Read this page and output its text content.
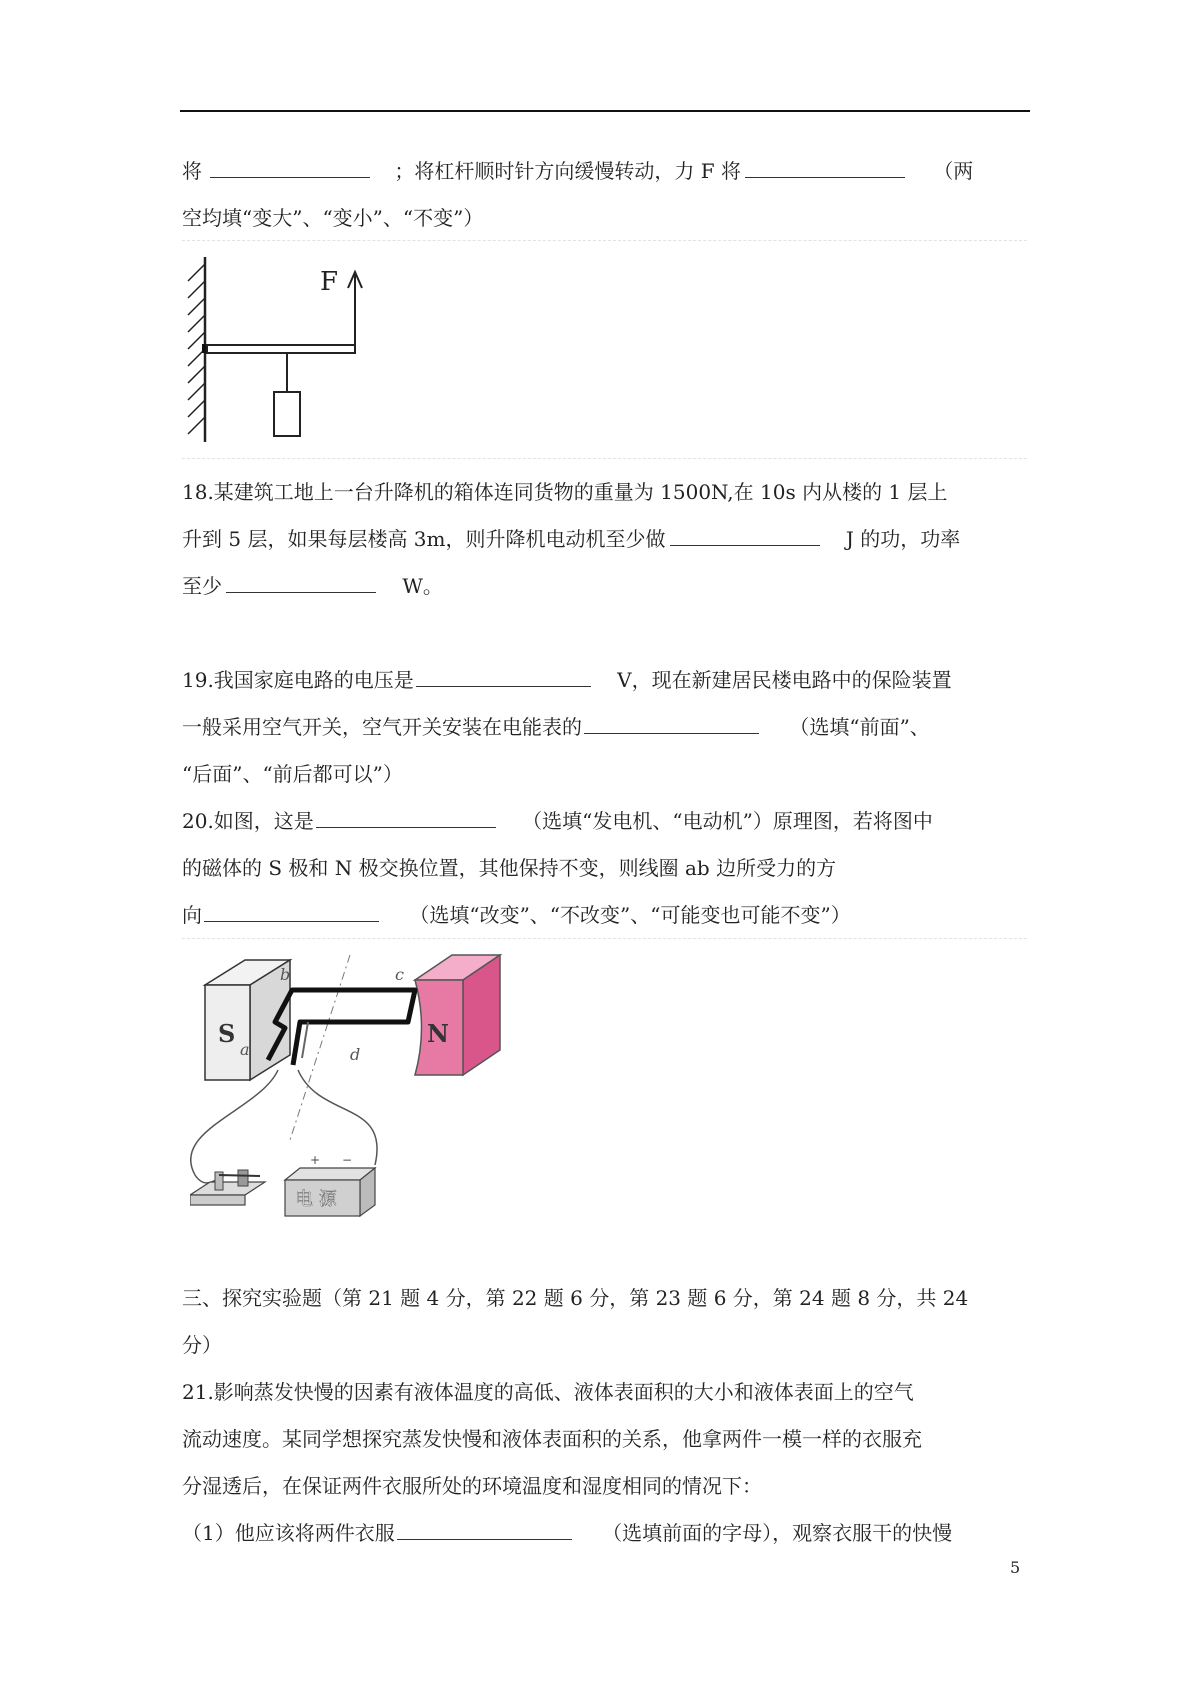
将	；将杠杆顺时针方向缓慢转动，力 F 将	（两
空均填“变大”、“变小”、“不变”）
F
18.某建筑工地上一台升降机的箱体连同货物的重量为 1500N,在 10s 内从楼的 1 层上
升到 5 层，如果每层楼高 3m，则升降机电动机至少做	J 的功，功率
至少	W。
19.我国家庭电路的电压是	V，现在新建居民楼电路中的保险装置
一般采用空气开关，空气开关安装在电能表的	（选填“前面”、
“后面”、“前后都可以”）
20.如图，这是	（选填“发电机、“电动机”）原理图，若将图中
的磁体的 S 极和 N 极交换位置，其他保持不变，则线圈 ab 边所受力的方
向	（选填“改变”、“不改变”、“可能变也可能不变”）
S	N
a
b	c
d
电 源
+ −
三、探究实验题（第 21 题 4 分，第 22 题 6 分，第 23 题 6 分，第 24 题 8 分，共 24
分）
21.影响蒸发快慢的因素有液体温度的高低、液体表面积的大小和液体表面上的空气
流动速度。某同学想探究蒸发快慢和液体表面积的关系，他拿两件一模一样的衣服充
分湿透后，在保证两件衣服所处的环境温度和湿度相同的情况下：
（1）他应该将两件衣服	（选填前面的字母），观察衣服干的快慢
5
